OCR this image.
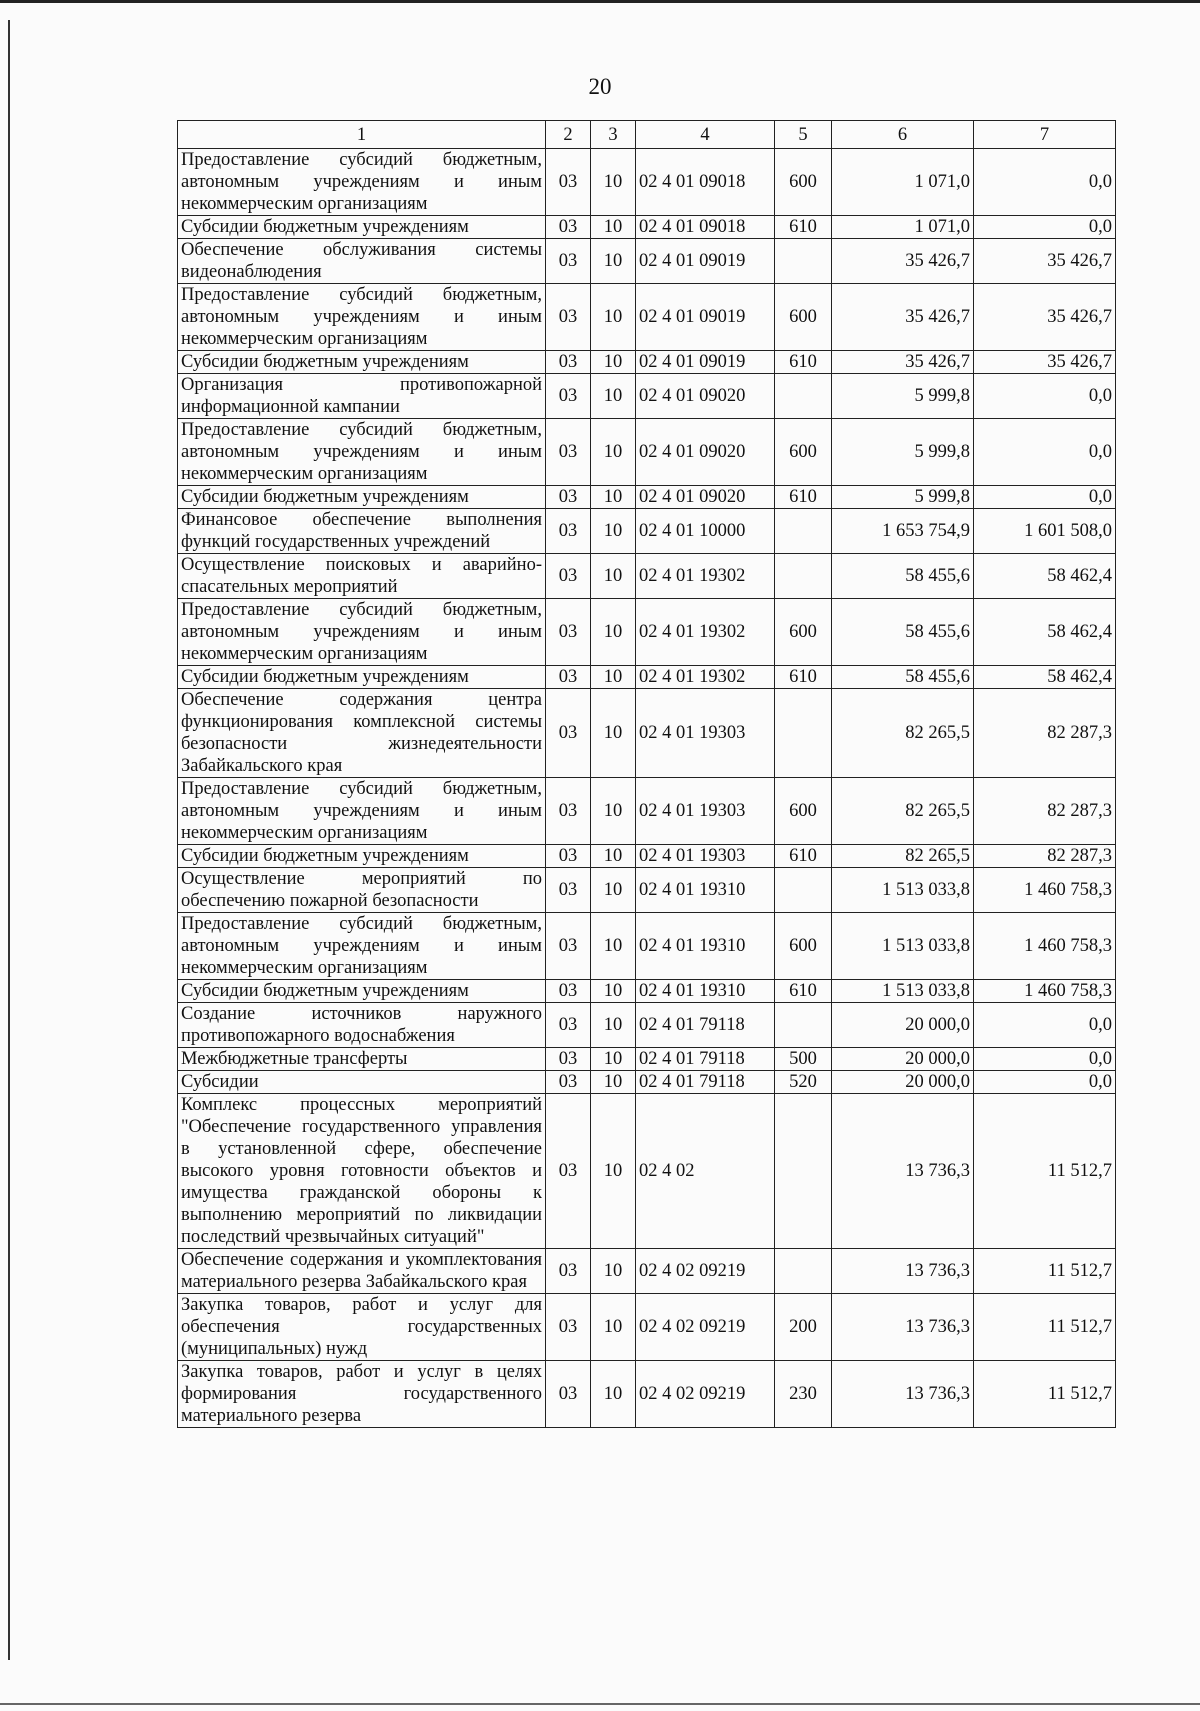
20
1	2	3	4	5	6	7
Предоставление субсидий бюджетным, автономным учреждениям и иным некоммерческим организациям	03	10	02 4 01 09018	600	1 071,0	0,0
Субсидии бюджетным учреждениям	03	10	02 4 01 09018	610	1 071,0	0,0
Обеспечение обслуживания системы видеонаблюдения	03	10	02 4 01 09019		35 426,7	35 426,7
Предоставление субсидий бюджетным, автономным учреждениям и иным некоммерческим организациям	03	10	02 4 01 09019	600	35 426,7	35 426,7
Субсидии бюджетным учреждениям	03	10	02 4 01 09019	610	35 426,7	35 426,7
Организация противопожарной информационной кампании	03	10	02 4 01 09020		5 999,8	0,0
Предоставление субсидий бюджетным, автономным учреждениям и иным некоммерческим организациям	03	10	02 4 01 09020	600	5 999,8	0,0
Субсидии бюджетным учреждениям	03	10	02 4 01 09020	610	5 999,8	0,0
Финансовое обеспечение выполнения функций государственных учреждений	03	10	02 4 01 10000		1 653 754,9	1 601 508,0
Осуществление поисковых и аварийно-спасательных мероприятий	03	10	02 4 01 19302		58 455,6	58 462,4
Предоставление субсидий бюджетным, автономным учреждениям и иным некоммерческим организациям	03	10	02 4 01 19302	600	58 455,6	58 462,4
Субсидии бюджетным учреждениям	03	10	02 4 01 19302	610	58 455,6	58 462,4
Обеспечение содержания центра функционирования комплексной системы безопасности жизнедеятельности Забайкальского края	03	10	02 4 01 19303		82 265,5	82 287,3
Предоставление субсидий бюджетным, автономным учреждениям и иным некоммерческим организациям	03	10	02 4 01 19303	600	82 265,5	82 287,3
Субсидии бюджетным учреждениям	03	10	02 4 01 19303	610	82 265,5	82 287,3
Осуществление мероприятий по обеспечению пожарной безопасности	03	10	02 4 01 19310		1 513 033,8	1 460 758,3
Предоставление субсидий бюджетным, автономным учреждениям и иным некоммерческим организациям	03	10	02 4 01 19310	600	1 513 033,8	1 460 758,3
Субсидии бюджетным учреждениям	03	10	02 4 01 19310	610	1 513 033,8	1 460 758,3
Создание источников наружного противопожарного водоснабжения	03	10	02 4 01 79118		20 000,0	0,0
Межбюджетные трансферты	03	10	02 4 01 79118	500	20 000,0	0,0
Субсидии	03	10	02 4 01 79118	520	20 000,0	0,0
Комплекс процессных мероприятий "Обеспечение государственного управления в установленной сфере, обеспечение высокого уровня готовности объектов и имущества гражданской обороны к выполнению мероприятий по ликвидации последствий чрезвычайных ситуаций"	03	10	02 4 02		13 736,3	11 512,7
Обеспечение содержания и укомплектования материального резерва Забайкальского края	03	10	02 4 02 09219		13 736,3	11 512,7
Закупка товаров, работ и услуг для обеспечения государственных (муниципальных) нужд	03	10	02 4 02 09219	200	13 736,3	11 512,7
Закупка товаров, работ и услуг в целях формирования государственного материального резерва	03	10	02 4 02 09219	230	13 736,3	11 512,7
